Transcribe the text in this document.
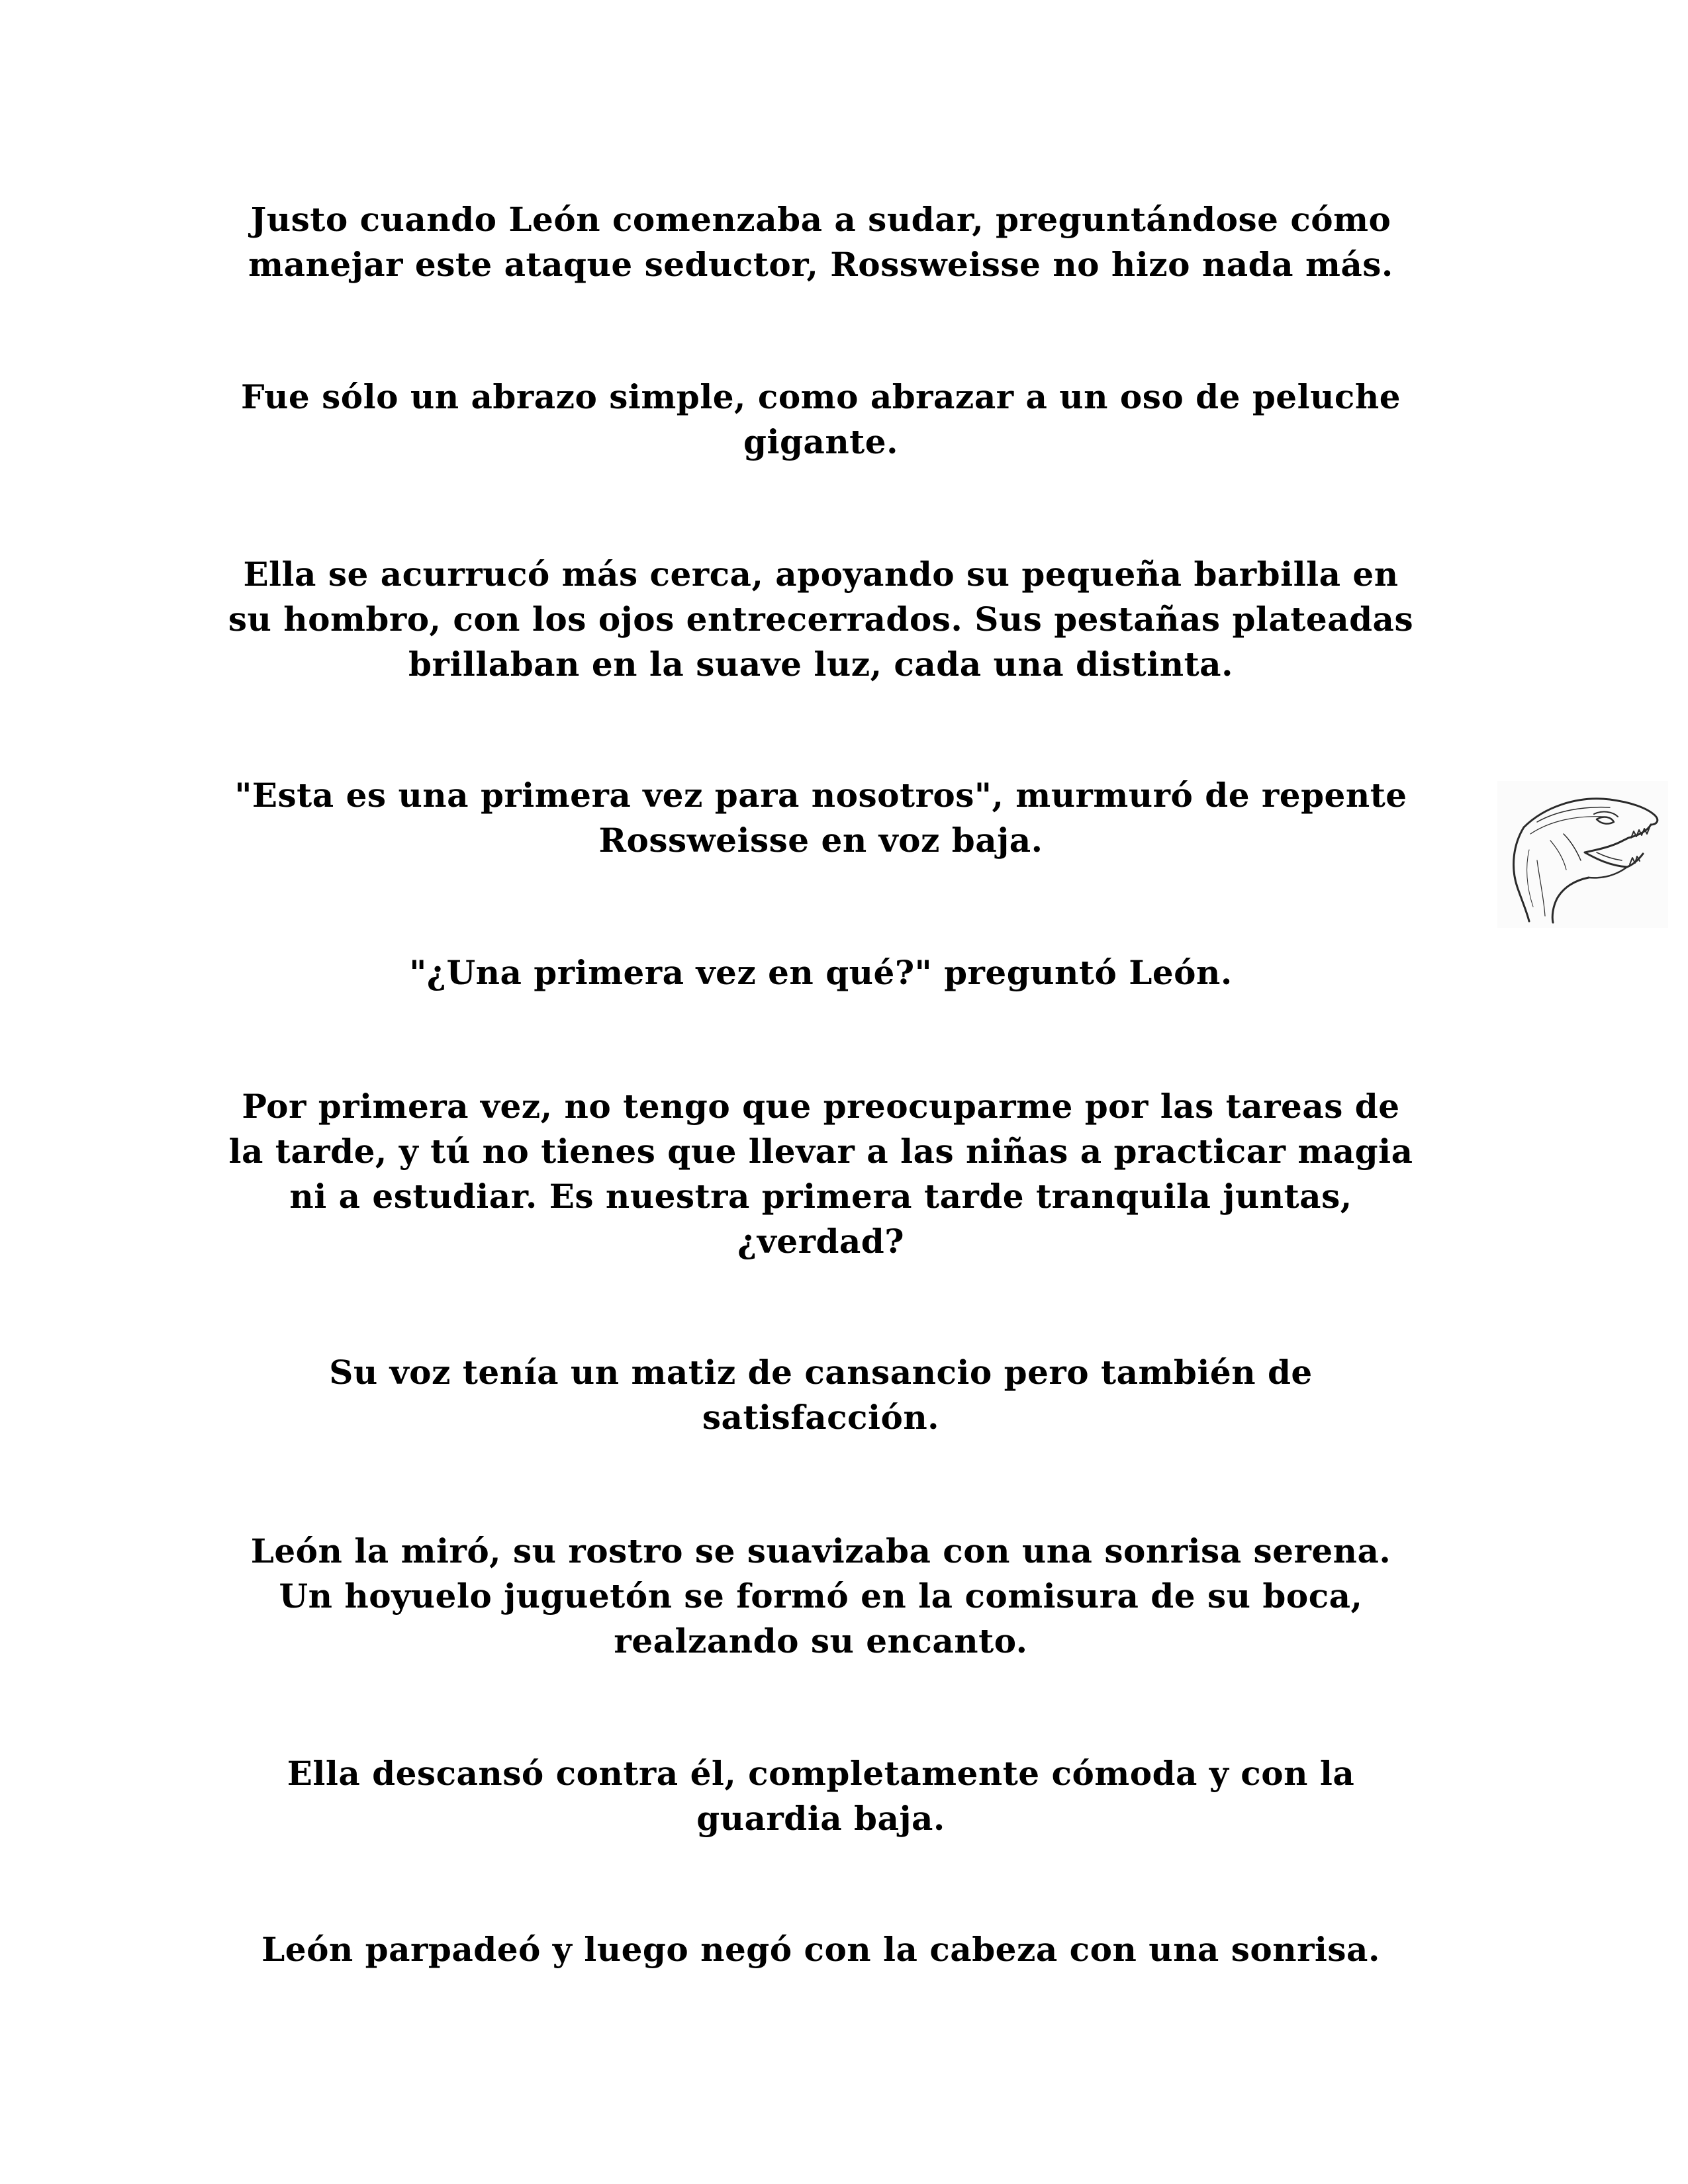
Justo cuando León comenzaba a sudar, preguntándose cómo
manejar este ataque seductor, Rossweisse no hizo nada más.

Fue sólo un abrazo simple, como abrazar a un oso de peluche
gigante.

Ella se acurrucó más cerca, apoyando su pequeña barbilla en
su hombro, con los ojos entrecerrados. Sus pestañas plateadas
brillaban en la suave luz, cada una distinta.

"Esta es una primera vez para nosotros", murmuró de repente
Rossweisse en voz baja.

"¿Una primera vez en qué?" preguntó León.

Por primera vez, no tengo que preocuparme por las tareas de
la tarde, y tú no tienes que llevar a las niñas a practicar magia
ni a estudiar. Es nuestra primera tarde tranquila juntas,
¿verdad?

Su voz tenía un matiz de cansancio pero también de
satisfacción.

León la miró, su rostro se suavizaba con una sonrisa serena.
Un hoyuelo juguetón se formó en la comisura de su boca,
realzando su encanto.

Ella descansó contra él, completamente cómoda y con la
guardia baja.

León parpadeó y luego negó con la cabeza con una sonrisa.
